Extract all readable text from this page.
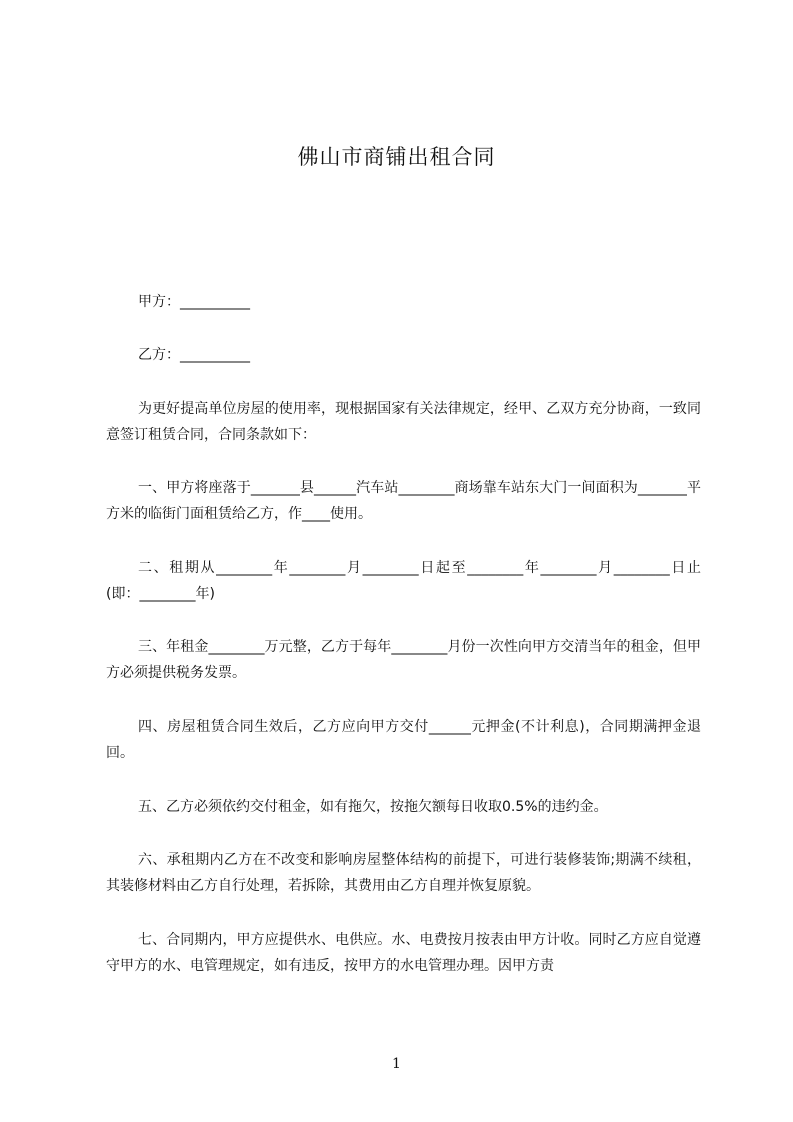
佛山市商铺出租合同
甲方：__________
乙方：__________

为更好提高单位房屋的使用率，现根据国家有关法律规定，经甲、乙双方充分协商，一致同意签订租赁合同，合同条款如下：

一、甲方将座落于_______县______汽车站________商场靠车站东大门一间面积为_______平方米的临街门面租赁给乙方，作____使用。

二、租期从________年________月________日起至________年________月________日止(即：________年)

三、年租金________万元整，乙方于每年________月份一次性向甲方交清当年的租金，但甲方必须提供税务发票。

四、房屋租赁合同生效后，乙方应向甲方交付______元押金(不计利息)，合同期满押金退回。

五、乙方必须依约交付租金，如有拖欠，按拖欠额每日收取0.5%的违约金。

六、承租期内乙方在不改变和影响房屋整体结构的前提下，可进行装修装饰;期满不续租，其装修材料由乙方自行处理，若拆除，其费用由乙方自理并恢复原貌。

七、合同期内，甲方应提供水、电供应。水、电费按月按表由甲方计收。同时乙方应自觉遵守甲方的水、电管理规定，如有违反，按甲方的水电管理办理。因甲方责

1
